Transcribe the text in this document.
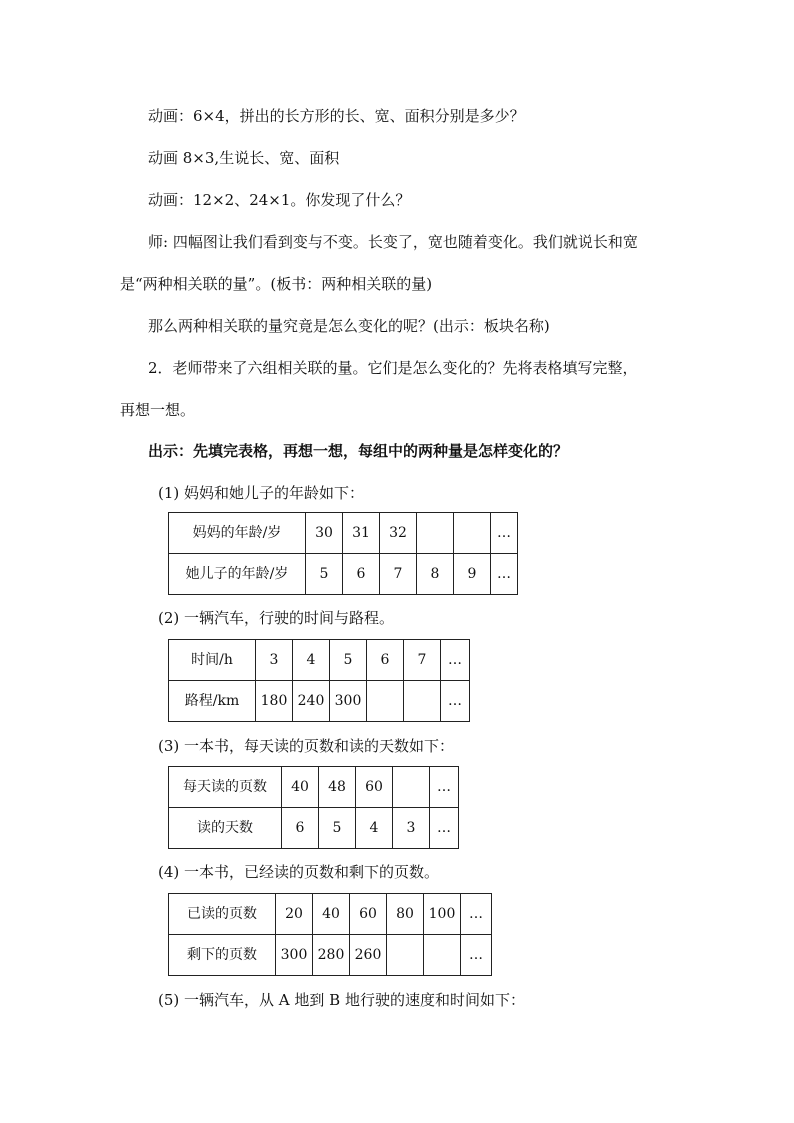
动画：6×4，拼出的长方形的长、宽、面积分别是多少？
动画 8×3,生说长、宽、面积
动画：12×2、24×1。你发现了什么？
师: 四幅图让我们看到变与不变。长变了，宽也随着变化。我们就说长和宽
是“两种相关联的量”。(板书：两种相关联的量)
那么两种相关联的量究竟是怎么变化的呢？(出示：板块名称)
2．老师带来了六组相关联的量。它们是怎么变化的？先将表格填写完整，
再想一想。
出示：先填完表格，再想一想，每组中的两种量是怎样变化的？
(1) 妈妈和她儿子的年龄如下：
妈妈的年龄/岁	30	31	32			…
她儿子的年龄/岁	5	6	7	8	9	…
(2) 一辆汽车，行驶的时间与路程。
时间/h	3	4	5	6	7	…
路程/km	180	240	300			…
(3) 一本书，每天读的页数和读的天数如下：
每天读的页数	40	48	60		…
读的天数	6	5	4	3	…
(4) 一本书，已经读的页数和剩下的页数。
已读的页数	20	40	60	80	100	…
剩下的页数	300	280	260			…
(5) 一辆汽车，从 A 地到 B 地行驶的速度和时间如下：
